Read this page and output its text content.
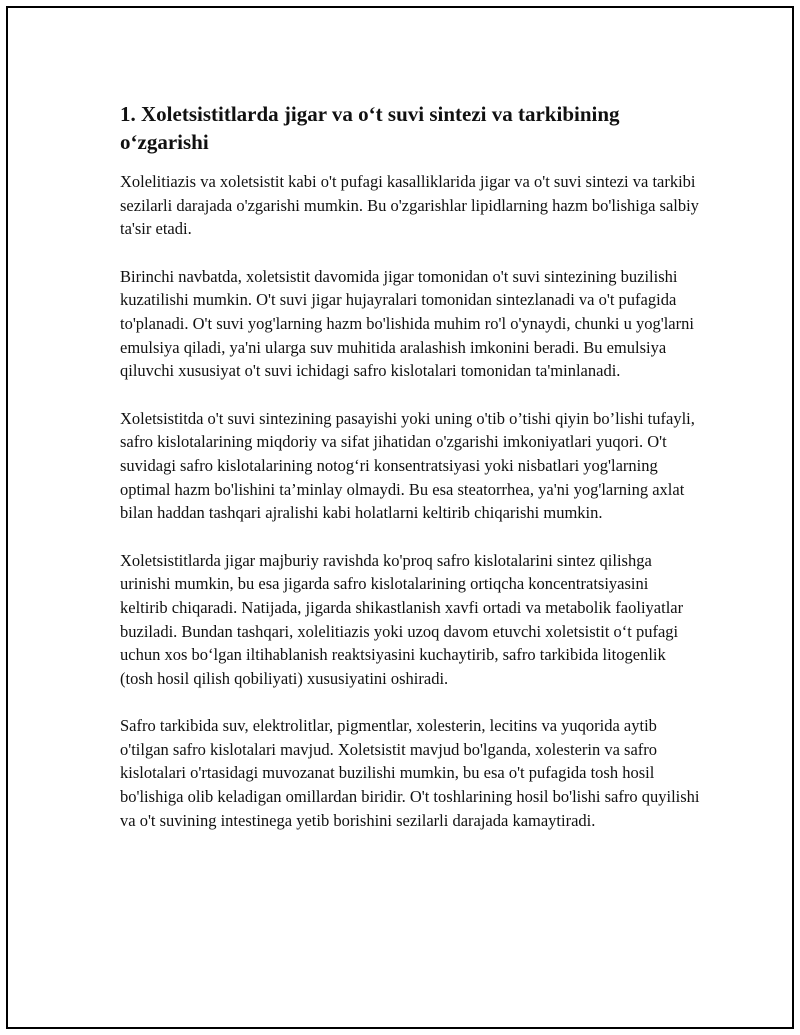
1. Xoletsistitlarda jigar va o‘t suvi sintezi va tarkibining o‘zgarishi

Xolelitiazis va xoletsistit kabi o't pufagi kasalliklarida jigar va o't suvi sintezi va tarkibi sezilarli darajada o'zgarishi mumkin. Bu o'zgarishlar lipidlarning hazm bo'lishiga salbiy ta'sir etadi.

Birinchi navbatda, xoletsistit davomida jigar tomonidan o't suvi sintezining buzilishi kuzatilishi mumkin. O't suvi jigar hujayralari tomonidan sintezlanadi va o't pufagida to'planadi. O't suvi yog'larning hazm bo'lishida muhim ro'l o'ynaydi, chunki u yog'larni emulsiya qiladi, ya'ni ularga suv muhitida aralashish imkonini beradi. Bu emulsiya qiluvchi xususiyat o't suvi ichidagi safro kislotalari tomonidan ta'minlanadi.

Xoletsistitda o't suvi sintezining pasayishi yoki uning o'tib o’tishi qiyin bo’lishi tufayli, safro kislotalarining miqdoriy va sifat jihatidan o'zgarishi imkoniyatlari yuqori. O't suvidagi safro kislotalarining notog‘ri konsentratsiyasi yoki nisbatlari yog'larning optimal hazm bo'lishini ta’minlay olmaydi. Bu esa steatorrhea, ya'ni yog'larning axlat bilan haddan tashqari ajralishi kabi holatlarni keltirib chiqarishi mumkin.

Xoletsistitlarda jigar majburiy ravishda ko'proq safro kislotalarini sintez qilishga urinishi mumkin, bu esa jigarda safro kislotalarining ortiqcha koncentratsiyasini keltirib chiqaradi. Natijada, jigarda shikastlanish xavfi ortadi va metabolik faoliyatlar buziladi. Bundan tashqari, xolelitiazis yoki uzoq davom etuvchi xoletsistit o‘t pufagi uchun xos bo‘lgan iltihablanish reaktsiyasini kuchaytirib, safro tarkibida litogenlik (tosh hosil qilish qobiliyati) xususiyatini oshiradi.

Safro tarkibida suv, elektrolitlar, pigmentlar, xolesterin, lecitins va yuqorida aytib o'tilgan safro kislotalari mavjud. Xoletsistit mavjud bo'lganda, xolesterin va safro kislotalari o'rtasidagi muvozanat buzilishi mumkin, bu esa o't pufagida tosh hosil bo'lishiga olib keladigan omillardan biridir. O't toshlarining hosil bo'lishi safro quyilishi va o't suvining intestinega yetib borishini sezilarli darajada kamaytiradi.
